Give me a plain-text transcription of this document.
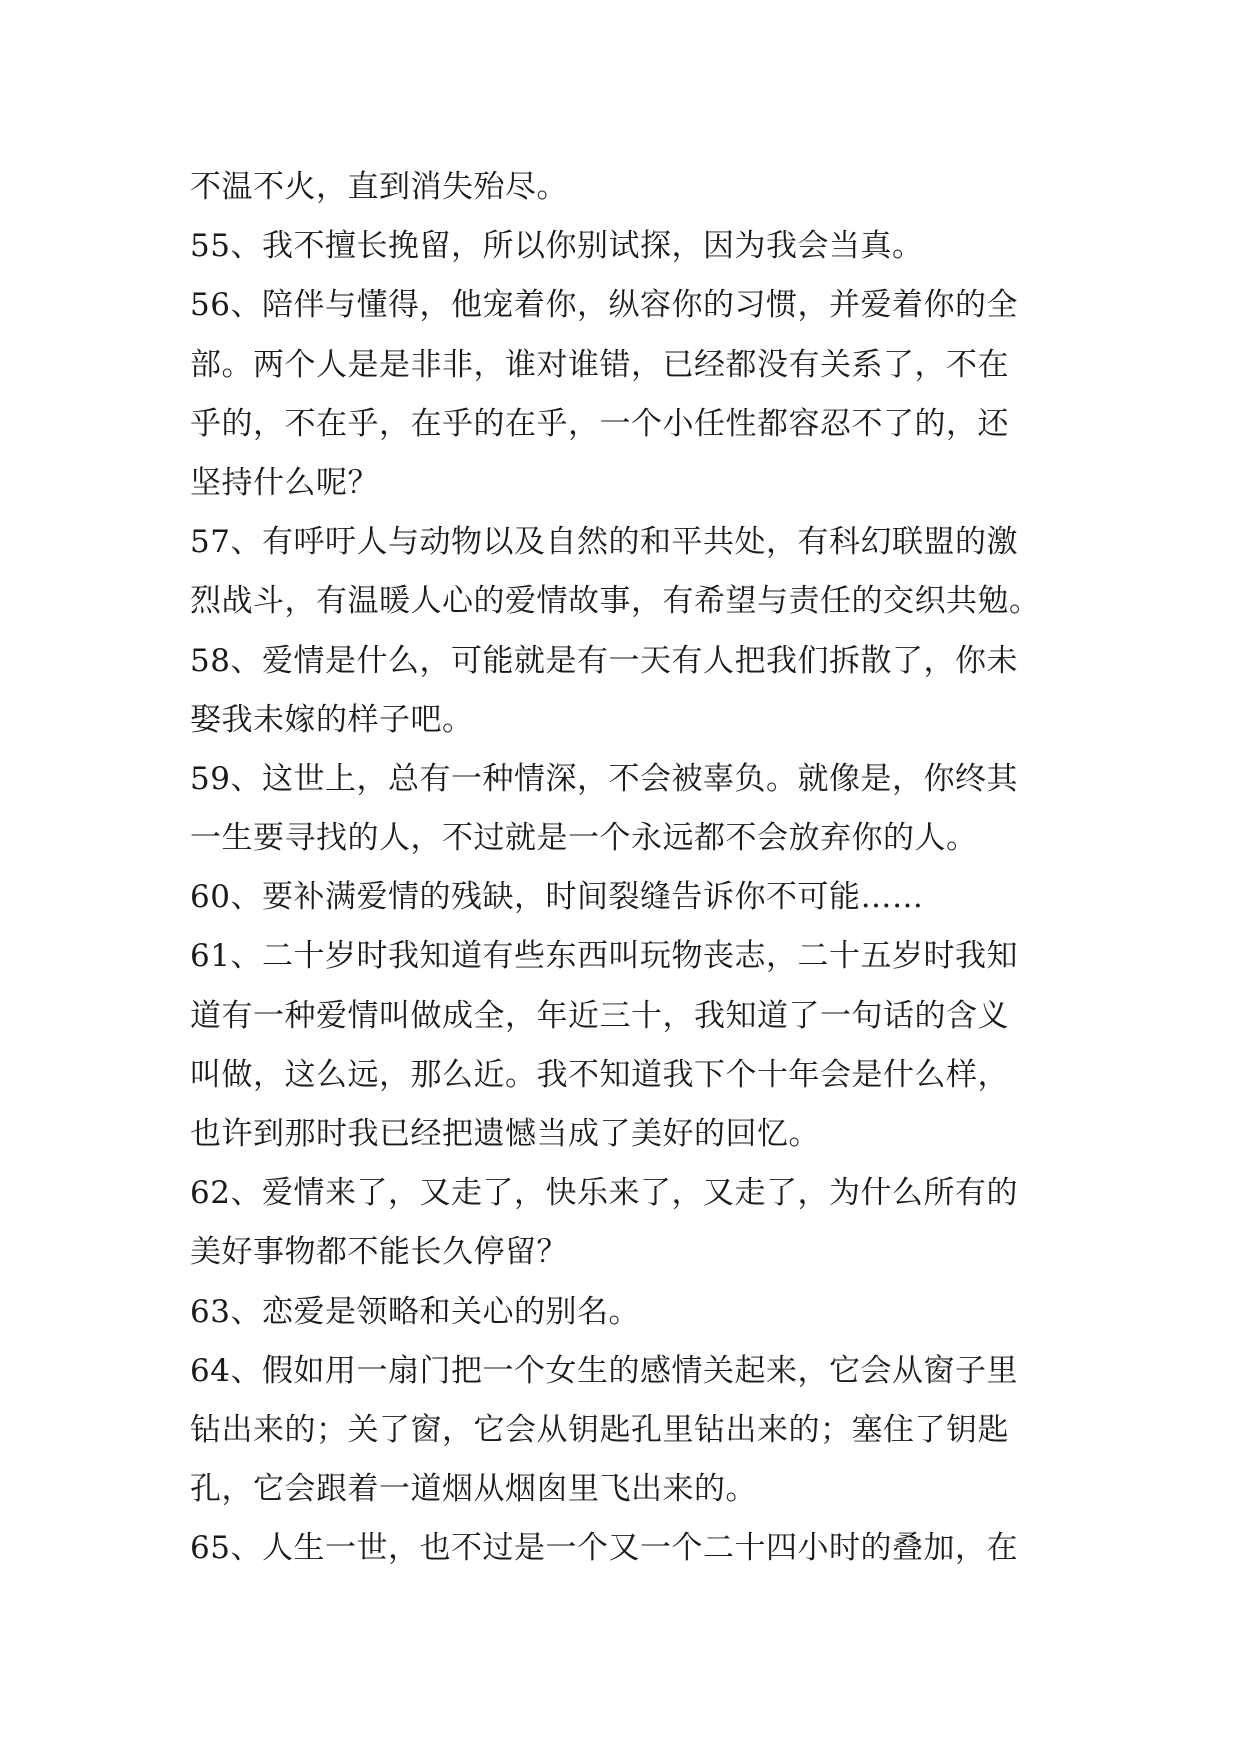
不温不火，直到消失殆尽。
55、我不擅长挽留，所以你别试探，因为我会当真。
56、陪伴与懂得，他宠着你，纵容你的习惯，并爱着你的全
部。两个人是是非非，谁对谁错，已经都没有关系了，不在
乎的，不在乎，在乎的在乎，一个小任性都容忍不了的，还
坚持什么呢？
57、有呼吁人与动物以及自然的和平共处，有科幻联盟的激
烈战斗，有温暖人心的爱情故事，有希望与责任的交织共勉。
58、爱情是什么，可能就是有一天有人把我们拆散了，你未
娶我未嫁的样子吧。
59、这世上，总有一种情深，不会被辜负。就像是，你终其
一生要寻找的人，不过就是一个永远都不会放弃你的人。
60、要补满爱情的残缺，时间裂缝告诉你不可能……
61、二十岁时我知道有些东西叫玩物丧志，二十五岁时我知
道有一种爱情叫做成全，年近三十，我知道了一句话的含义
叫做，这么远，那么近。我不知道我下个十年会是什么样，
也许到那时我已经把遗憾当成了美好的回忆。
62、爱情来了，又走了，快乐来了，又走了，为什么所有的
美好事物都不能长久停留？
63、恋爱是领略和关心的别名。
64、假如用一扇门把一个女生的感情关起来，它会从窗子里
钻出来的；关了窗，它会从钥匙孔里钻出来的；塞住了钥匙
孔，它会跟着一道烟从烟囱里飞出来的。
65、人生一世，也不过是一个又一个二十四小时的叠加，在
